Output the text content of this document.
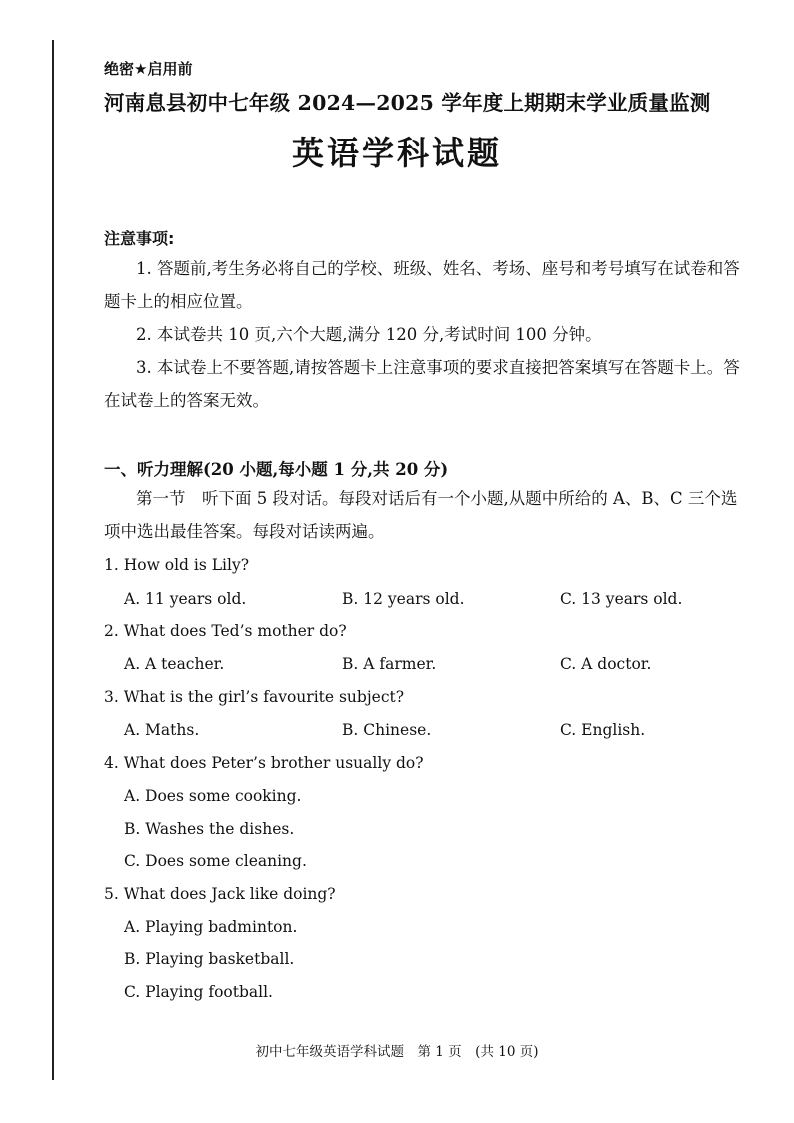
绝密★启用前
河南息县初中七年级 2024—2025 学年度上期期末学业质量监测
英语学科试题
注意事项:
1. 答题前,考生务必将自己的学校、班级、姓名、考场、座号和考号填写在试卷和答题卡上的相应位置。
2. 本试卷共 10 页,六个大题,满分 120 分,考试时间 100 分钟。
3. 本试卷上不要答题,请按答题卡上注意事项的要求直接把答案填写在答题卡上。答在试卷上的答案无效。
一、听力理解(20 小题,每小题 1 分,共 20 分)
第一节　听下面 5 段对话。每段对话后有一个小题,从题中所给的 A、B、C 三个选项中选出最佳答案。每段对话读两遍。
1. How old is Lily?
A. 11 years old.	B. 12 years old.	C. 13 years old.
2. What does Ted’s mother do?
A. A teacher.	B. A farmer.	C. A doctor.
3. What is the girl’s favourite subject?
A. Maths.	B. Chinese.	C. English.
4. What does Peter’s brother usually do?
A. Does some cooking.
B. Washes the dishes.
C. Does some cleaning.
5. What does Jack like doing?
A. Playing badminton.
B. Playing basketball.
C. Playing football.
初中七年级英语学科试题　第 1 页　(共 10 页)
